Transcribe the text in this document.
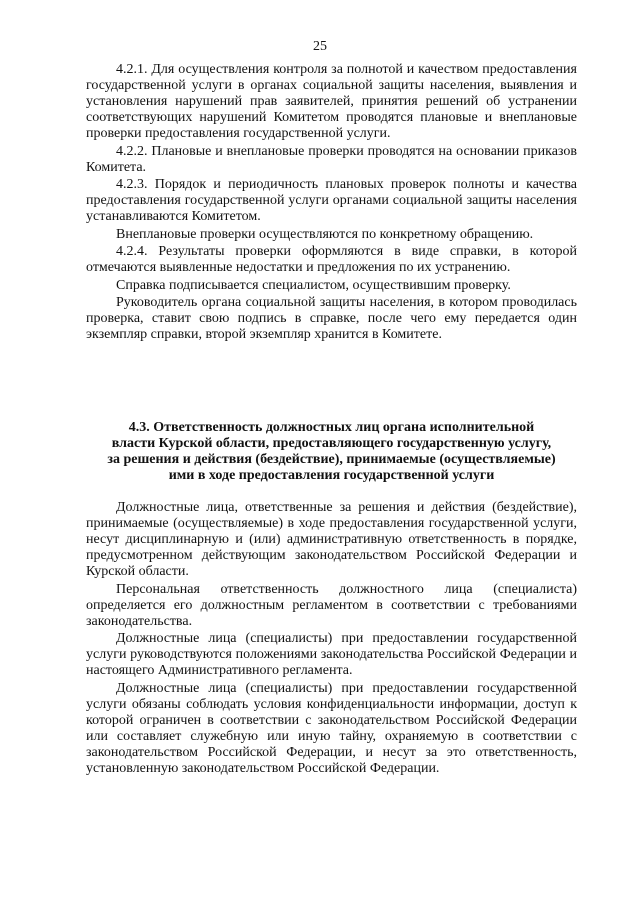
25

4.2.1. Для осуществления контроля за полнотой и качеством предоставления государственной услуги в органах социальной защиты населения, выявления и установления нарушений прав заявителей, принятия решений об устранении соответствующих нарушений Комитетом проводятся плановые и внеплановые проверки предоставления государственной услуги.

4.2.2. Плановые и внеплановые проверки проводятся на основании приказов Комитета.

4.2.3. Порядок и периодичность плановых проверок полноты и качества предоставления государственной услуги органами социальной защиты населения устанавливаются Комитетом.

Внеплановые проверки осуществляются по конкретному обращению.

4.2.4. Результаты проверки оформляются в виде справки, в которой отмечаются выявленные недостатки и предложения по их устранению.

Справка подписывается специалистом, осуществившим проверку.

Руководитель органа социальной защиты населения, в котором проводилась проверка, ставит свою подпись в справке, после чего ему передается один экземпляр справки, второй экземпляр хранится в Комитете.

4.3. Ответственность должностных лиц органа исполнительной
власти Курской области, предоставляющего государственную услугу,
за решения и действия (бездействие), принимаемые (осуществляемые)
ими в ходе предоставления государственной услуги

Должностные лица, ответственные за решения и действия (бездействие), принимаемые (осуществляемые) в ходе предоставления государственной услуги, несут дисциплинарную и (или) административную ответственность в порядке, предусмотренном действующим законодательством Российской Федерации и Курской области.

Персональная ответственность должностного лица (специалиста) определяется его должностным регламентом в соответствии с требованиями законодательства.

Должностные лица (специалисты) при предоставлении государственной услуги руководствуются положениями законодательства Российской Федерации и настоящего Административного регламента.

Должностные лица (специалисты) при предоставлении государственной услуги обязаны соблюдать условия конфиденциальности информации, доступ к которой ограничен в соответствии с законодательством Российской Федерации или составляет служебную или иную тайну, охраняемую в соответствии с законодательством Российской Федерации, и несут за это ответственность, установленную законодательством Российской Федерации.
